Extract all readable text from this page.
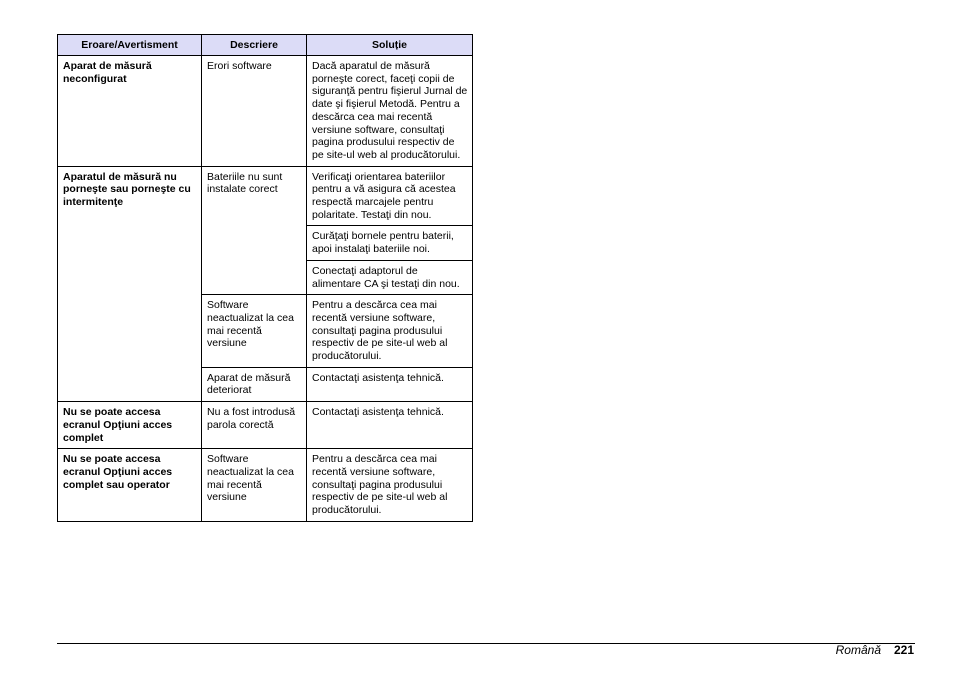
Eroare/Avertisment	Descriere	Soluție
Aparat de măsură neconfigurat	Erori software	Dacă aparatul de măsură porneşte corect, faceţi copii de siguranţă pentru fişierul Jurnal de date şi fişierul Metodă. Pentru a descărca cea mai recentă versiune software, consultaţi pagina produsului respectiv de pe site-ul web al producătorului.
Aparatul de măsură nu porneşte sau porneşte cu intermitenţe	Bateriile nu sunt instalate corect	Verificaţi orientarea bateriilor pentru a vă asigura că acestea respectă marcajele pentru polaritate. Testaţi din nou.
		Curăţaţi bornele pentru baterii, apoi instalaţi bateriile noi.
		Conectaţi adaptorul de alimentare CA şi testaţi din nou.
	Software neactualizat la cea mai recentă versiune	Pentru a descărca cea mai recentă versiune software, consultaţi pagina produsului respectiv de pe site-ul web al producătorului.
	Aparat de măsură deteriorat	Contactaţi asistenţa tehnică.
Nu se poate accesa ecranul Opţiuni acces complet	Nu a fost introdusă parola corectă	Contactaţi asistenţa tehnică.
Nu se poate accesa ecranul Opţiuni acces complet sau operator	Software neactualizat la cea mai recentă versiune	Pentru a descărca cea mai recentă versiune software, consultaţi pagina produsului respectiv de pe site-ul web al producătorului.
Română 221
